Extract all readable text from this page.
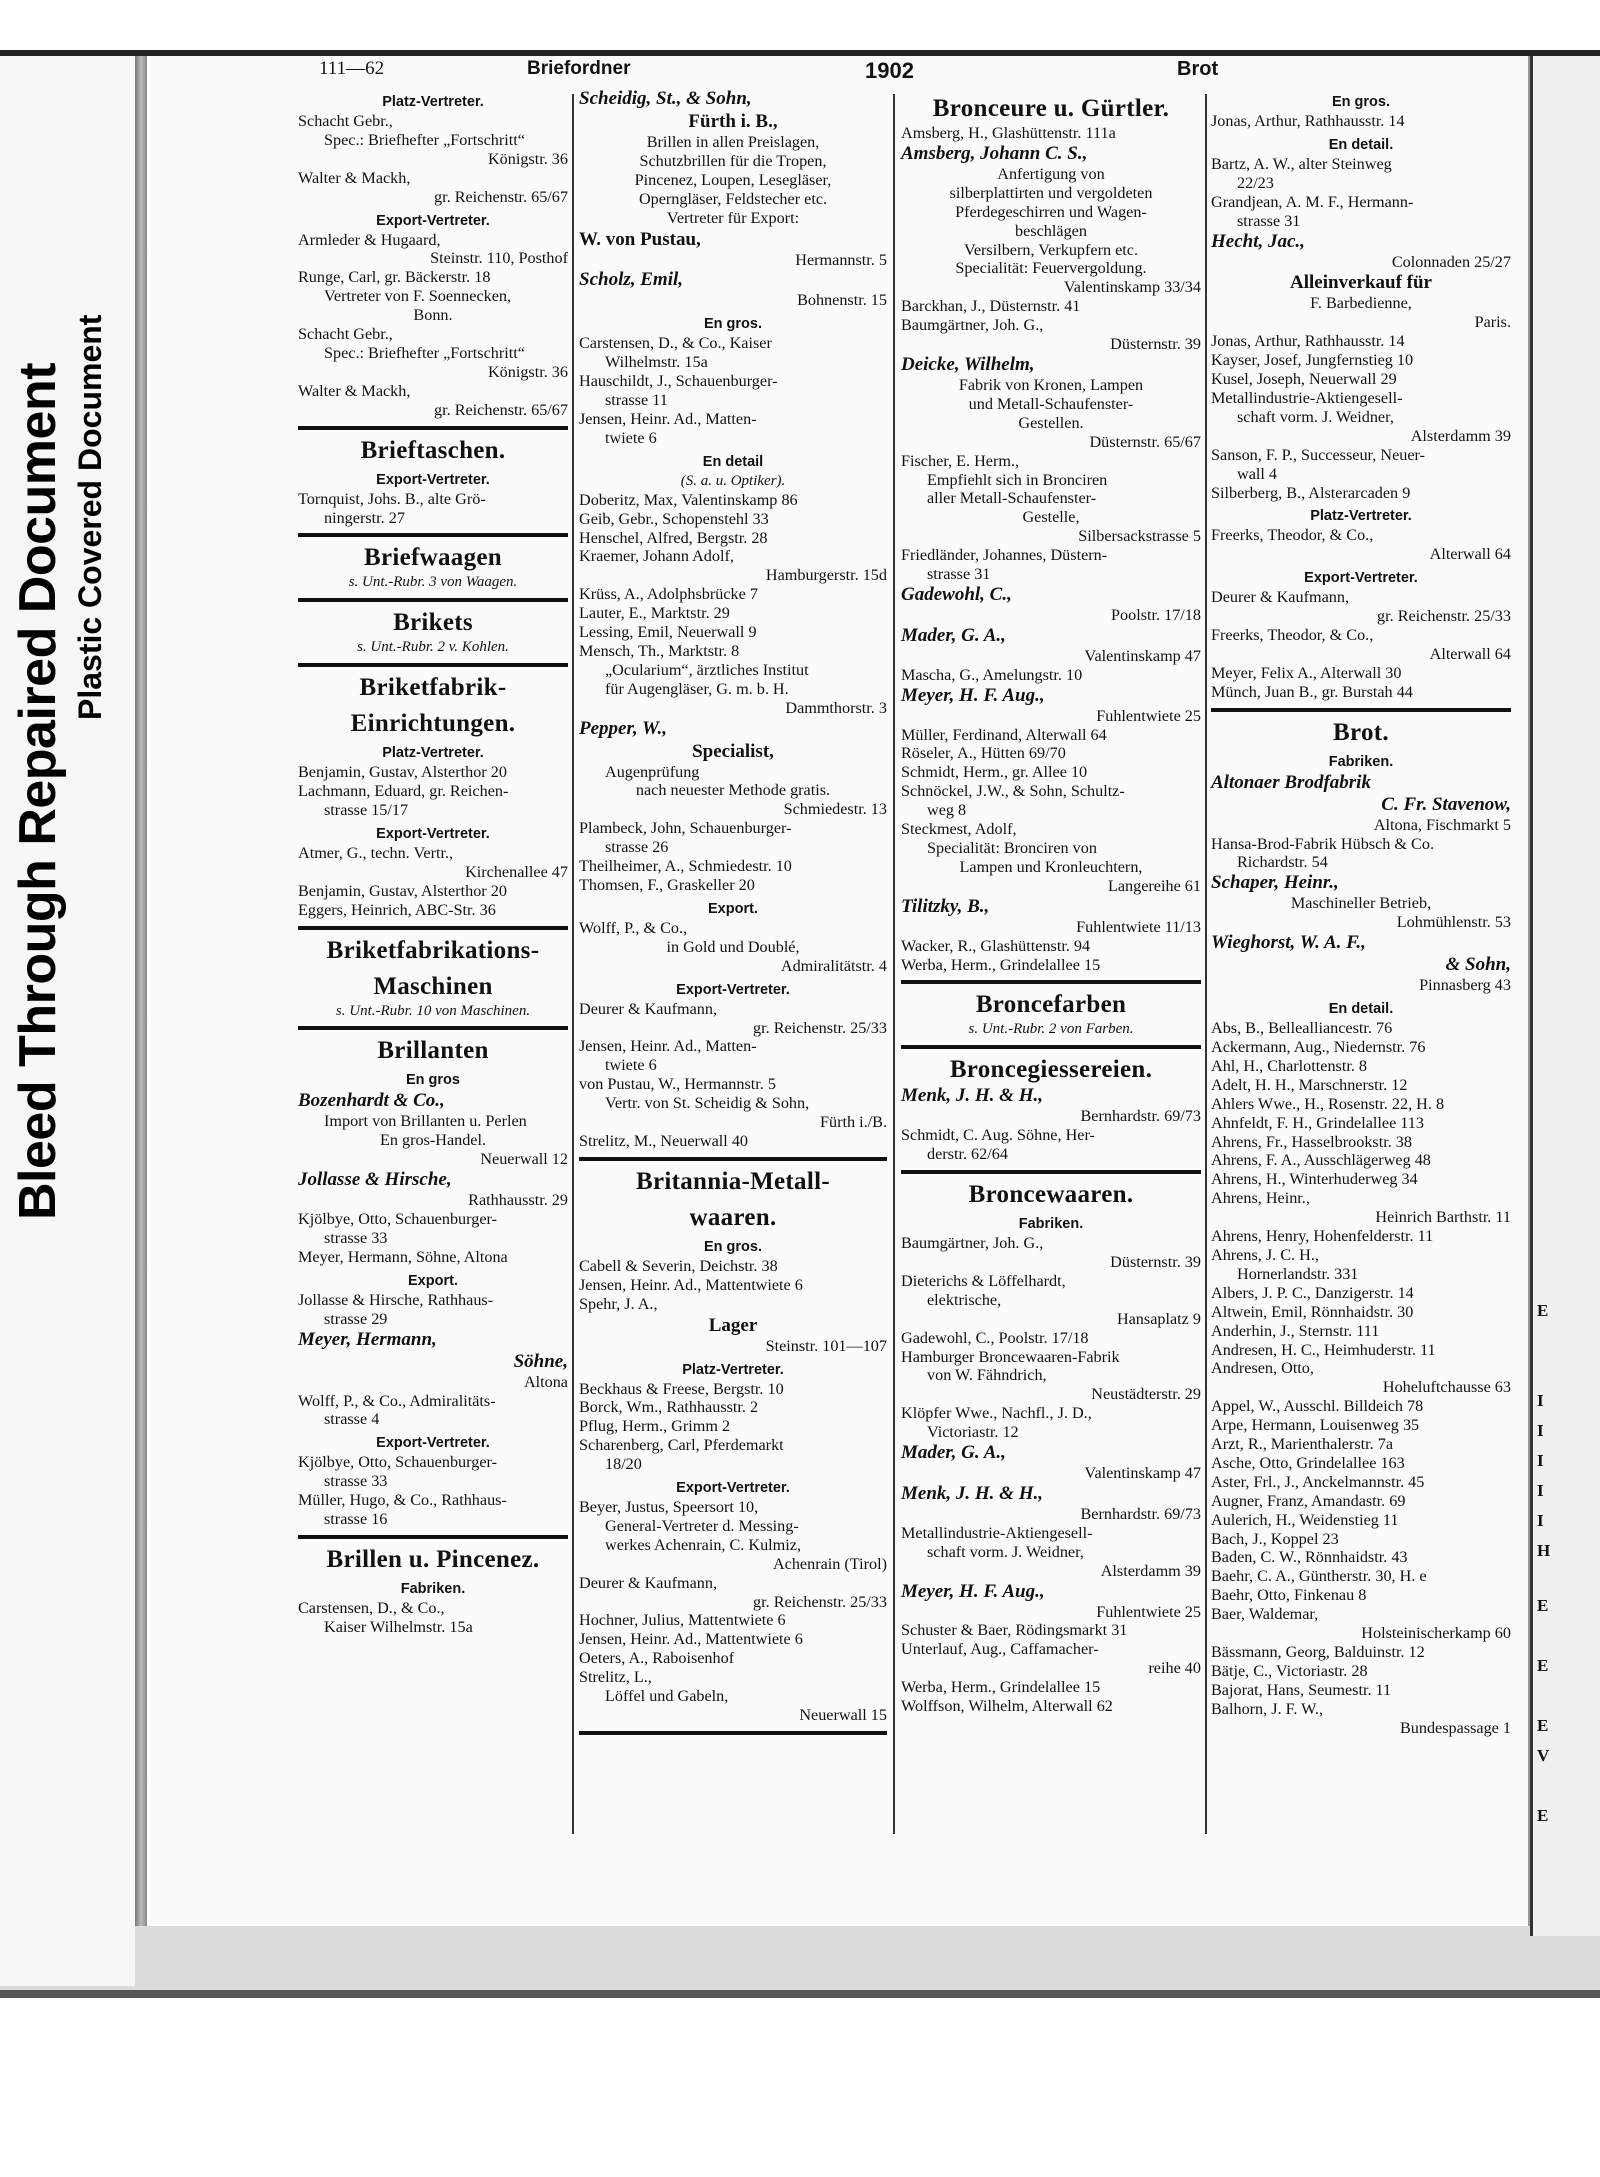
Bleed Through Repaired Document Plastic Covered Document
E
I
I
I
I
I
H
E
E
E
V
E
111—62	Briefordner	1902	Brot
Platz-Vertreter.
Schacht Gebr.,
Spec.: Briefhefter „Fortschritt“
Königstr. 36
Walter & Mackh,
gr. Reichenstr. 65/67
Export-Vertreter.
Armleder & Hugaard,
Steinstr. 110, Posthof
Runge, Carl, gr. Bäckerstr. 18
Vertreter von F. Soennecken,
Bonn.
Schacht Gebr.,
Spec.: Briefhefter „Fortschritt“
Königstr. 36
Walter & Mackh,
gr. Reichenstr. 65/67
Brieftaschen.
Export-Vertreter.
Tornquist, Johs. B., alte Grö-
ningerstr. 27
Briefwaagen
s. Unt.-Rubr. 3 von Waagen.
Brikets
s. Unt.-Rubr. 2 v. Kohlen.
Briketfabrik-
Einrichtungen.
Platz-Vertreter.
Benjamin, Gustav, Alsterthor 20
Lachmann, Eduard, gr. Reichen-
strasse 15/17
Export-Vertreter.
Atmer, G., techn. Vertr.,
Kirchenallee 47
Benjamin, Gustav, Alsterthor 20
Eggers, Heinrich, ABC-Str. 36
Briketfabrikations-
Maschinen
s. Unt.-Rubr. 10 von Maschinen.
Brillanten
En gros
Bozenhardt & Co.,
Import von Brillanten u. Perlen
En gros-Handel.
Neuerwall 12
Jollasse & Hirsche,
Rathhausstr. 29
Kjölbye, Otto, Schauenburger-
strasse 33
Meyer, Hermann, Söhne, Altona
Export.
Jollasse & Hirsche, Rathhaus-
strasse 29
Meyer, Hermann,
Söhne,
Altona
Wolff, P., & Co., Admiralitäts-
strasse 4
Export-Vertreter.
Kjölbye, Otto, Schauenburger-
strasse 33
Müller, Hugo, & Co., Rathhaus-
strasse 16
Brillen u. Pincenez.
Fabriken.
Carstensen, D., & Co.,
Kaiser Wilhelmstr. 15a
Scheidig, St., & Sohn,
Fürth i. B.,
Brillen in allen Preislagen,
Schutzbrillen für die Tropen,
Pincenez, Loupen, Lesegläser,
Operngläser, Feldstecher etc.
Vertreter für Export:
W. von Pustau,
Hermannstr. 5
Scholz, Emil,
Bohnenstr. 15
En gros.
Carstensen, D., & Co., Kaiser
Wilhelmstr. 15a
Hauschildt, J., Schauenburger-
strasse 11
Jensen, Heinr. Ad., Matten-
twiete 6
En detail
(S. a. u. Optiker).
Doberitz, Max, Valentinskamp 86
Geib, Gebr., Schopenstehl 33
Henschel, Alfred, Bergstr. 28
Kraemer, Johann Adolf,
Hamburgerstr. 15d
Krüss, A., Adolphsbrücke 7
Lauter, E., Marktstr. 29
Lessing, Emil, Neuerwall 9
Mensch, Th., Marktstr. 8
„Ocularium“, ärztliches Institut
für Augengläser, G. m. b. H.
Dammthorstr. 3
Pepper, W.,
Specialist,
Augenprüfung
nach neuester Methode gratis.
Schmiedestr. 13
Plambeck, John, Schauenburger-
strasse 26
Theilheimer, A., Schmiedestr. 10
Thomsen, F., Graskeller 20
Export.
Wolff, P., & Co.,
in Gold und Doublé,
Admiralitätstr. 4
Export-Vertreter.
Deurer & Kaufmann,
gr. Reichenstr. 25/33
Jensen, Heinr. Ad., Matten-
twiete 6
von Pustau, W., Hermannstr. 5
Vertr. von St. Scheidig & Sohn,
Fürth i./B.
Strelitz, M., Neuerwall 40
Britannia-Metall-
waaren.
En gros.
Cabell & Severin, Deichstr. 38
Jensen, Heinr. Ad., Mattentwiete 6
Spehr, J. A.,
Lager
Steinstr. 101—107
Platz-Vertreter.
Beckhaus & Freese, Bergstr. 10
Borck, Wm., Rathhausstr. 2
Pflug, Herm., Grimm 2
Scharenberg, Carl, Pferdemarkt
18/20
Export-Vertreter.
Beyer, Justus, Speersort 10,
General-Vertreter d. Messing-
werkes Achenrain, C. Kulmiz,
Achenrain (Tirol)
Deurer & Kaufmann,
gr. Reichenstr. 25/33
Hochner, Julius, Mattentwiete 6
Jensen, Heinr. Ad., Mattentwiete 6
Oeters, A., Raboisenhof
Strelitz, L.,
Löffel und Gabeln,
Neuerwall 15
Bronceure u. Gürtler.
Amsberg, H., Glashüttenstr. 111a
Amsberg, Johann C. S.,
Anfertigung von
silberplattirten und vergoldeten
Pferdegeschirren und Wagen-
beschlägen
Versilbern, Verkupfern etc.
Specialität: Feuervergoldung.
Valentinskamp 33/34
Barckhan, J., Düsternstr. 41
Baumgärtner, Joh. G.,
Düsternstr. 39
Deicke, Wilhelm,
Fabrik von Kronen, Lampen
und Metall-Schaufenster-
Gestellen.
Düsternstr. 65/67
Fischer, E. Herm.,
Empfiehlt sich in Bronciren
aller Metall-Schaufenster-
Gestelle,
Silbersackstrasse 5
Friedländer, Johannes, Düstern-
strasse 31
Gadewohl, C.,
Poolstr. 17/18
Mader, G. A.,
Valentinskamp 47
Mascha, G., Amelungstr. 10
Meyer, H. F. Aug.,
Fuhlentwiete 25
Müller, Ferdinand, Alterwall 64
Röseler, A., Hütten 69/70
Schmidt, Herm., gr. Allee 10
Schnöckel, J.W., & Sohn, Schultz-
weg 8
Steckmest, Adolf,
Specialität: Bronciren von
Lampen und Kronleuchtern,
Langereihe 61
Tilitzky, B.,
Fuhlentwiete 11/13
Wacker, R., Glashüttenstr. 94
Werba, Herm., Grindelallee 15
Broncefarben
s. Unt.-Rubr. 2 von Farben.
Broncegiessereien.
Menk, J. H. & H.,
Bernhardstr. 69/73
Schmidt, C. Aug. Söhne, Her-
derstr. 62/64
Broncewaaren.
Fabriken.
Baumgärtner, Joh. G.,
Düsternstr. 39
Dieterichs & Löffelhardt,
elektrische,
Hansaplatz 9
Gadewohl, C., Poolstr. 17/18
Hamburger Broncewaaren-Fabrik
von W. Fähndrich,
Neustädterstr. 29
Klöpfer Wwe., Nachfl., J. D.,
Victoriastr. 12
Mader, G. A.,
Valentinskamp 47
Menk, J. H. & H.,
Bernhardstr. 69/73
Metallindustrie-Aktiengesell-
schaft vorm. J. Weidner,
Alsterdamm 39
Meyer, H. F. Aug.,
Fuhlentwiete 25
Schuster & Baer, Rödingsmarkt 31
Unterlauf, Aug., Caffamacher-
reihe 40
Werba, Herm., Grindelallee 15
Wolffson, Wilhelm, Alterwall 62
En gros.
Jonas, Arthur, Rathhausstr. 14
En detail.
Bartz, A. W., alter Steinweg
22/23
Grandjean, A. M. F., Hermann-
strasse 31
Hecht, Jac.,
Colonnaden 25/27
Alleinverkauf für
F. Barbedienne,
Paris.
Jonas, Arthur, Rathhausstr. 14
Kayser, Josef, Jungfernstieg 10
Kusel, Joseph, Neuerwall 29
Metallindustrie-Aktiengesell-
schaft vorm. J. Weidner,
Alsterdamm 39
Sanson, F. P., Successeur, Neuer-
wall 4
Silberberg, B., Alsterarcaden 9
Platz-Vertreter.
Freerks, Theodor, & Co.,
Alterwall 64
Export-Vertreter.
Deurer & Kaufmann,
gr. Reichenstr. 25/33
Freerks, Theodor, & Co.,
Alterwall 64
Meyer, Felix A., Alterwall 30
Münch, Juan B., gr. Burstah 44
Brot.
Fabriken.
Altonaer Brodfabrik
C. Fr. Stavenow,
Altona, Fischmarkt 5
Hansa-Brod-Fabrik Hübsch & Co.
Richardstr. 54
Schaper, Heinr.,
Maschineller Betrieb,
Lohmühlenstr. 53
Wieghorst, W. A. F.,
& Sohn,
Pinnasberg 43
En detail.
Abs, B., Bellealliancestr. 76
Ackermann, Aug., Niedernstr. 76
Ahl, H., Charlottenstr. 8
Adelt, H. H., Marschnerstr. 12
Ahlers Wwe., H., Rosenstr. 22, H. 8
Ahnfeldt, F. H., Grindelallee 113
Ahrens, Fr., Hasselbrookstr. 38
Ahrens, F. A., Ausschlägerweg 48
Ahrens, H., Winterhuderweg 34
Ahrens, Heinr.,
Heinrich Barthstr. 11
Ahrens, Henry, Hohenfelderstr. 11
Ahrens, J. C. H.,
Hornerlandstr. 331
Albers, J. P. C., Danzigerstr. 14
Altwein, Emil, Rönnhaidstr. 30
Anderhin, J., Sternstr. 111
Andresen, H. C., Heimhuderstr. 11
Andresen, Otto,
Hoheluftchausse 63
Appel, W., Ausschl. Billdeich 78
Arpe, Hermann, Louisenweg 35
Arzt, R., Marienthalerstr. 7a
Asche, Otto, Grindelallee 163
Aster, Frl., J., Anckelmannstr. 45
Augner, Franz, Amandastr. 69
Aulerich, H., Weidenstieg 11
Bach, J., Koppel 23
Baden, C. W., Rönnhaidstr. 43
Baehr, C. A., Güntherstr. 30, H. e
Baehr, Otto, Finkenau 8
Baer, Waldemar,
Holsteinischerkamp 60
Bässmann, Georg, Balduinstr. 12
Bätje, C., Victoriastr. 28
Bajorat, Hans, Seumestr. 11
Balhorn, J. F. W.,
Bundespassage 1
